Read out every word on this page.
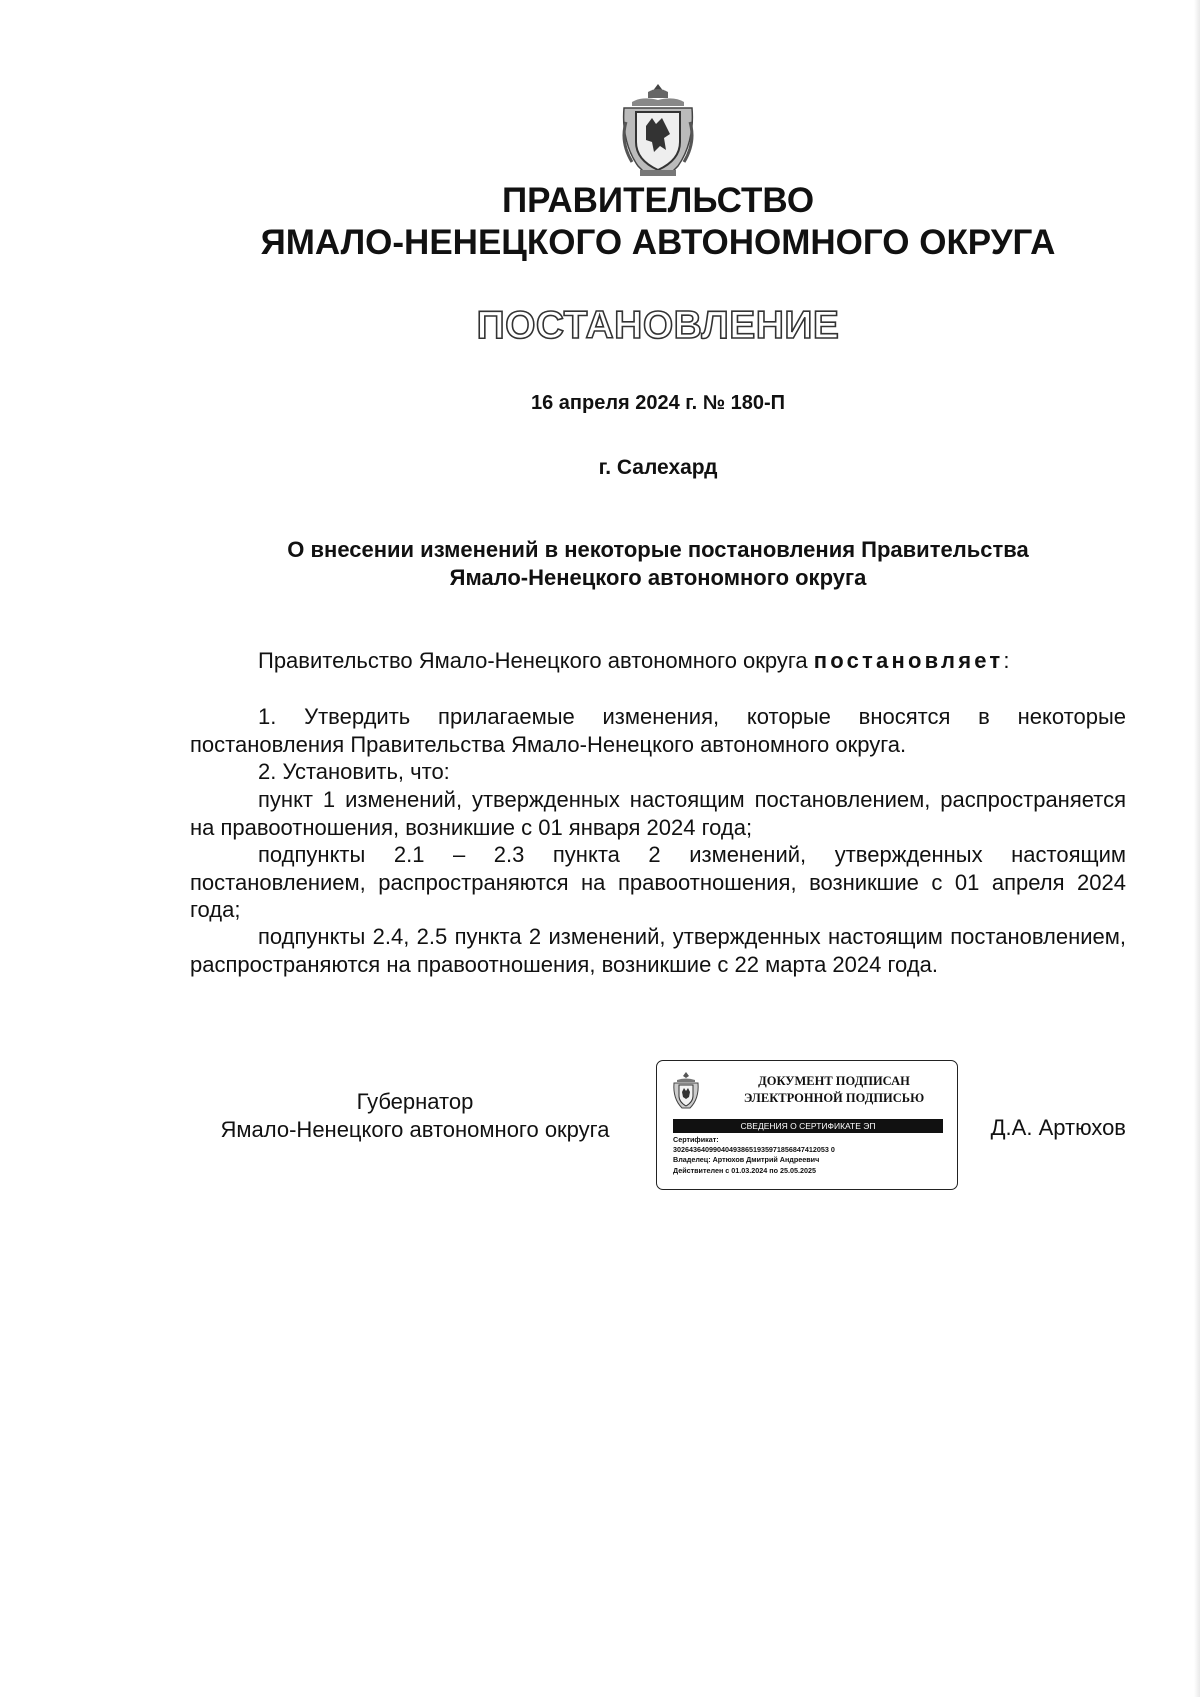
ПРАВИТЕЛЬСТВО
ЯМАЛО-НЕНЕЦКОГО АВТОНОМНОГО ОКРУГА
ПОСТАНОВЛЕНИЕ

16 апреля 2024 г. № 180-П

г. Салехард

О внесении изменений в некоторые постановления Правительства
Ямало-Ненецкого автономного округа

Правительство Ямало-Ненецкого автономного округа постановляет:

1. Утвердить прилагаемые изменения, которые вносятся в некоторые постановления Правительства Ямало-Ненецкого автономного округа.

2. Установить, что:

пункт 1 изменений, утвержденных настоящим постановлением, распространяется на правоотношения, возникшие с 01 января 2024 года;

подпункты 2.1 – 2.3 пункта 2 изменений, утвержденных настоящим постановлением, распространяются на правоотношения, возникшие с 01 апреля 2024 года;

подпункты 2.4, 2.5 пункта 2 изменений, утвержденных настоящим постановлением, распространяются на правоотношения, возникшие с 22 марта 2024 года.

Губернатор
Ямало-Ненецкого автономного округа
ДОКУМЕНТ ПОДПИСАН
ЭЛЕКТРОННОЙ ПОДПИСЬЮ

СВЕДЕНИЯ О СЕРТИФИКАТЕ ЭП

Сертификат:

302643640990404938651935971856847412053 0

Владелец: Артюхов Дмитрий Андреевич

Действителен с 01.03.2024 по 25.05.2025

Д.А. Артюхов
